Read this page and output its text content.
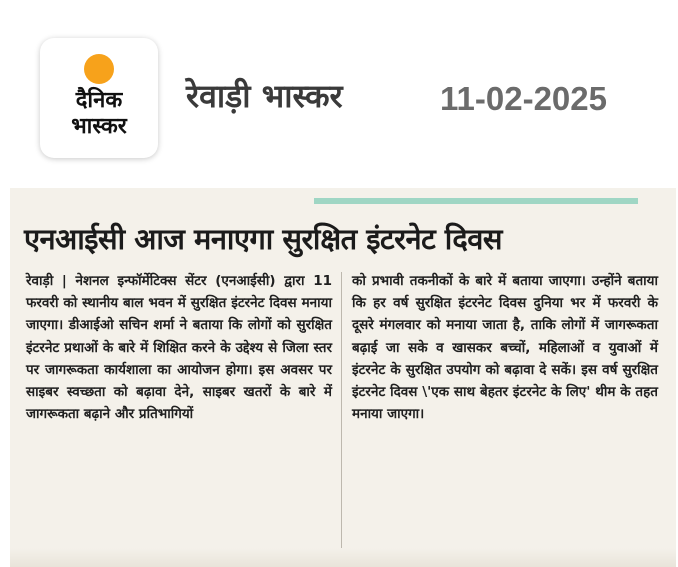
दैनिक
भास्कर
रेवाड़ी भास्कर	11-02-2025
एनआईसी आज मनाएगा सुरक्षित इंटरनेट दिवस
रेवाड़ी | नेशनल इन्फॉर्मेटिक्स सेंटर (एनआईसी) द्वारा 11 फरवरी को स्थानीय बाल भवन में सुरक्षित इंटरनेट दिवस मनाया जाएगा। डीआईओ सचिन शर्मा ने बताया कि लोगों को सुरक्षित इंटरनेट प्रथाओं के बारे में शिक्षित करने के उद्देश्य से जिला स्तर पर जागरूकता कार्यशाला का आयोजन होगा। इस अवसर पर साइबर स्वच्छता को बढ़ावा देने, साइबर खतरों के बारे में जागरूकता बढ़ाने और प्रतिभागियों
को प्रभावी तकनीकों के बारे में बताया जाएगा। उन्होंने बताया कि हर वर्ष सुरक्षित इंटरनेट दिवस दुनिया भर में फरवरी के दूसरे मंगलवार को मनाया जाता है, ताकि लोगों में जागरूकता बढ़ाई जा सके व खासकर बच्चों, महिलाओं व युवाओं में इंटरनेट के सुरक्षित उपयोग को बढ़ावा दे सकें। इस वर्ष सुरक्षित इंटरनेट दिवस \'एक साथ बेहतर इंटरनेट के लिए' थीम के तहत मनाया जाएगा।
